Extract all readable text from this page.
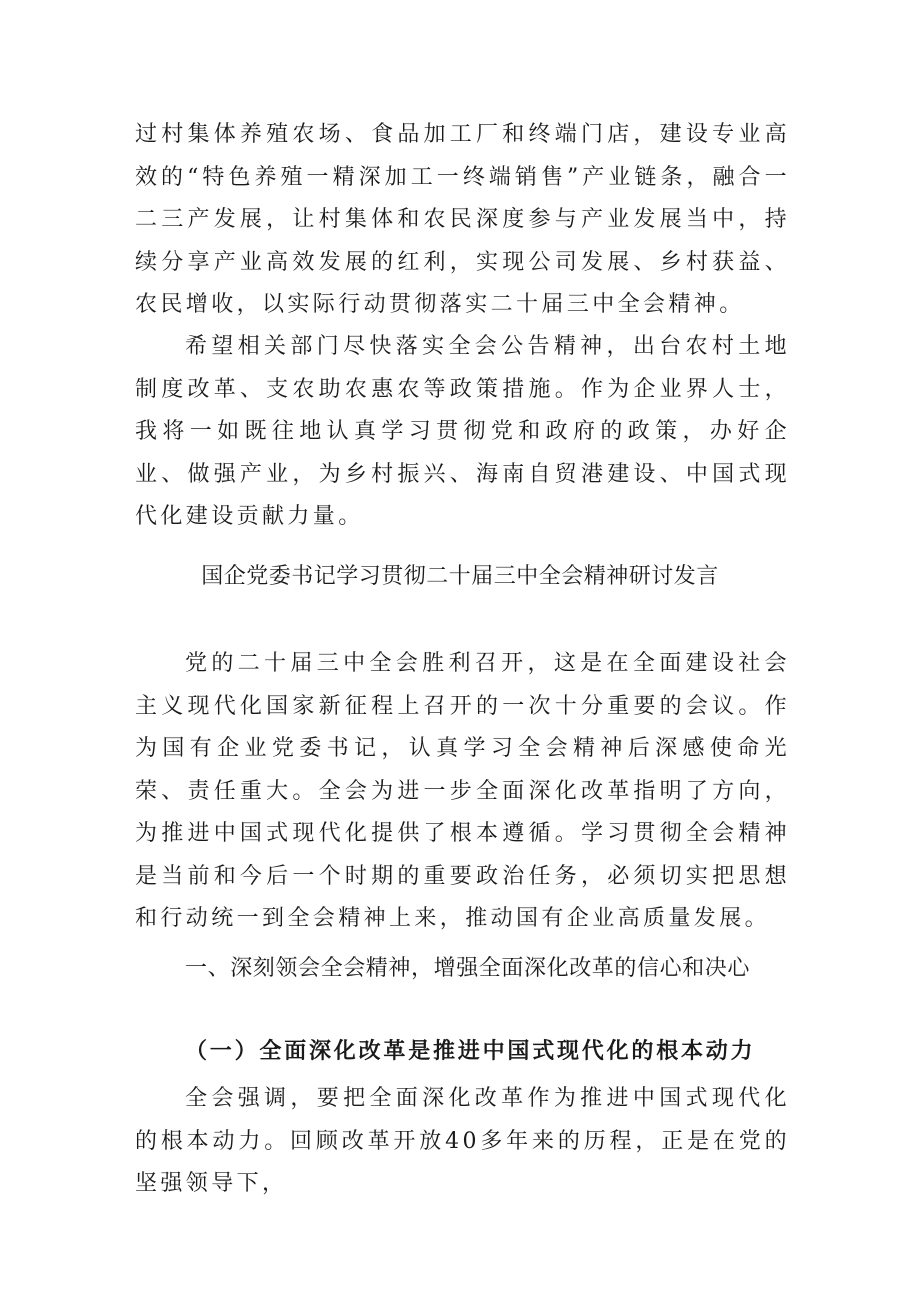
过村集体养殖农场、食品加工厂和终端门店，建设专业高效的“特色养殖一精深加工一终端销售”产业链条，融合一二三产发展，让村集体和农民深度参与产业发展当中，持续分享产业高效发展的红利，实现公司发展、乡村获益、农民增收，以实际行动贯彻落实二十届三中全会精神。

希望相关部门尽快落实全会公告精神，出台农村土地制度改革、支农助农惠农等政策措施。作为企业界人士，我将一如既往地认真学习贯彻党和政府的政策，办好企业、做强产业，为乡村振兴、海南自贸港建设、中国式现代化建设贡献力量。

国企党委书记学习贯彻二十届三中全会精神研讨发言

党的二十届三中全会胜利召开，这是在全面建设社会主义现代化国家新征程上召开的一次十分重要的会议。作为国有企业党委书记，认真学习全会精神后深感使命光荣、责任重大。全会为进一步全面深化改革指明了方向，为推进中国式现代化提供了根本遵循。学习贯彻全会精神是当前和今后一个时期的重要政治任务，必须切实把思想和行动统一到全会精神上来，推动国有企业高质量发展。

一、深刻领会全会精神，增强全面深化改革的信心和决心
（一）全面深化改革是推进中国式现代化的根本动力

全会强调，要把全面深化改革作为推进中国式现代化的根本动力。回顾改革开放40多年来的历程，正是在党的坚强领导下，
